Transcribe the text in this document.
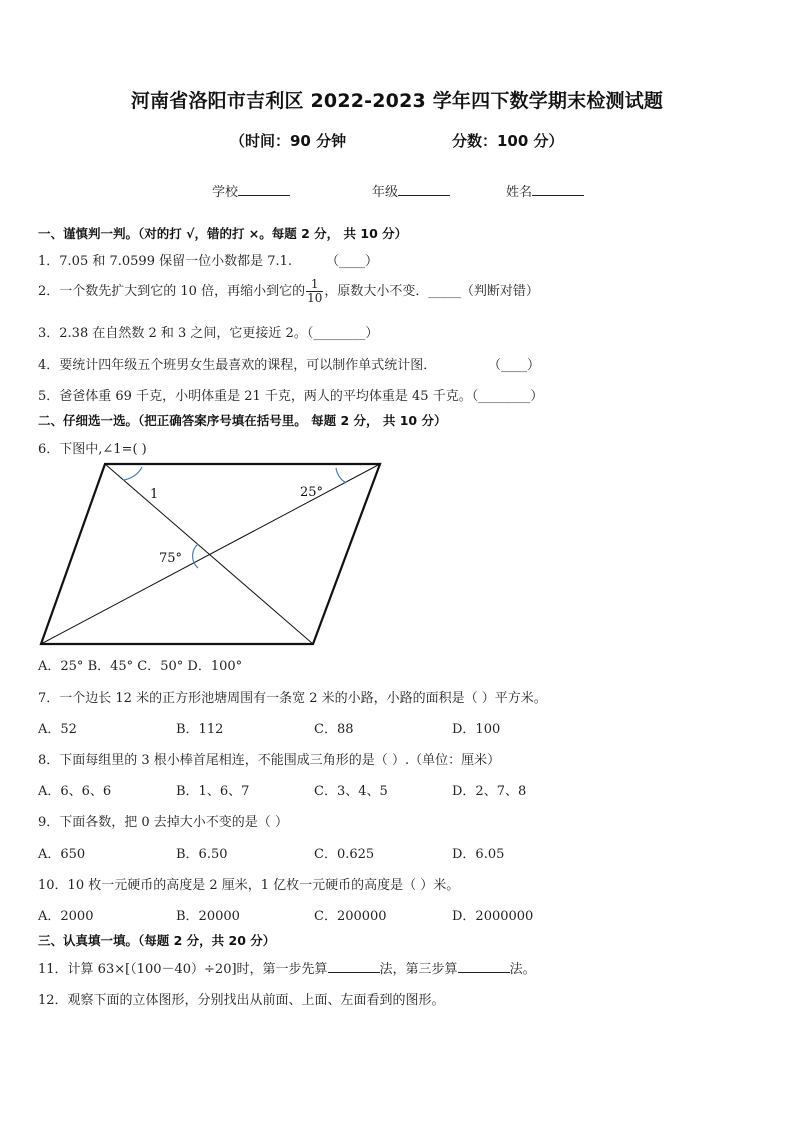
河南省洛阳市吉利区 2022-2023 学年四下数学期末检测试题
（时间：90 分钟	分数：100 分）
学校	年级	姓名
一、谨慎判一判。（对的打 √，错的打 ×。每题 2 分， 共 10 分）
1．7.05 和 7.0599 保留一位小数都是 7.1.	（____）
2．一个数先扩大到它的 10 倍，再缩小到它的 $\frac{1}{10}$ ，原数大小不变．_____（判断对错）
3．2.38 在自然数 2 和 3 之间，它更接近 2。（________）
4．要统计四年级五个班男女生最喜欢的课程，可以制作单式统计图．	（____）
5．爸爸体重 69 千克，小明体重是 21 千克，两人的平均体重是 45 千克。（________）
二、仔细选一选。（把正确答案序号填在括号里。 每题 2 分， 共 10 分）
6．下图中,∠1=( )
1	25°
75°
A．25° B．45° C．50° D．100°
7．一个边长 12 米的正方形池塘周围有一条宽 2 米的小路，小路的面积是（ ）平方米。
A．52	B．112	C．88	D．100
8．下面每组里的 3 根小棒首尾相连，不能围成三角形的是（ ）.（单位：厘米）
A．6、6、6	B．1、6、7	C．3、4、5	D．2、7、8
9．下面各数，把 0 去掉大小不变的是（ ）
A．650	B．6.50	C．0.625	D．6.05
10．10 枚一元硬币的高度是 2 厘米，1 亿枚一元硬币的高度是（ ）米。
A．2000	B．20000	C．200000	D．2000000
三、认真填一填。（每题 2 分，共 20 分）
11．计算 63×[（100－40）÷20]时，第一步先算	法，第三步算	法。
12．观察下面的立体图形，分别找出从前面、上面、左面看到的图形。
